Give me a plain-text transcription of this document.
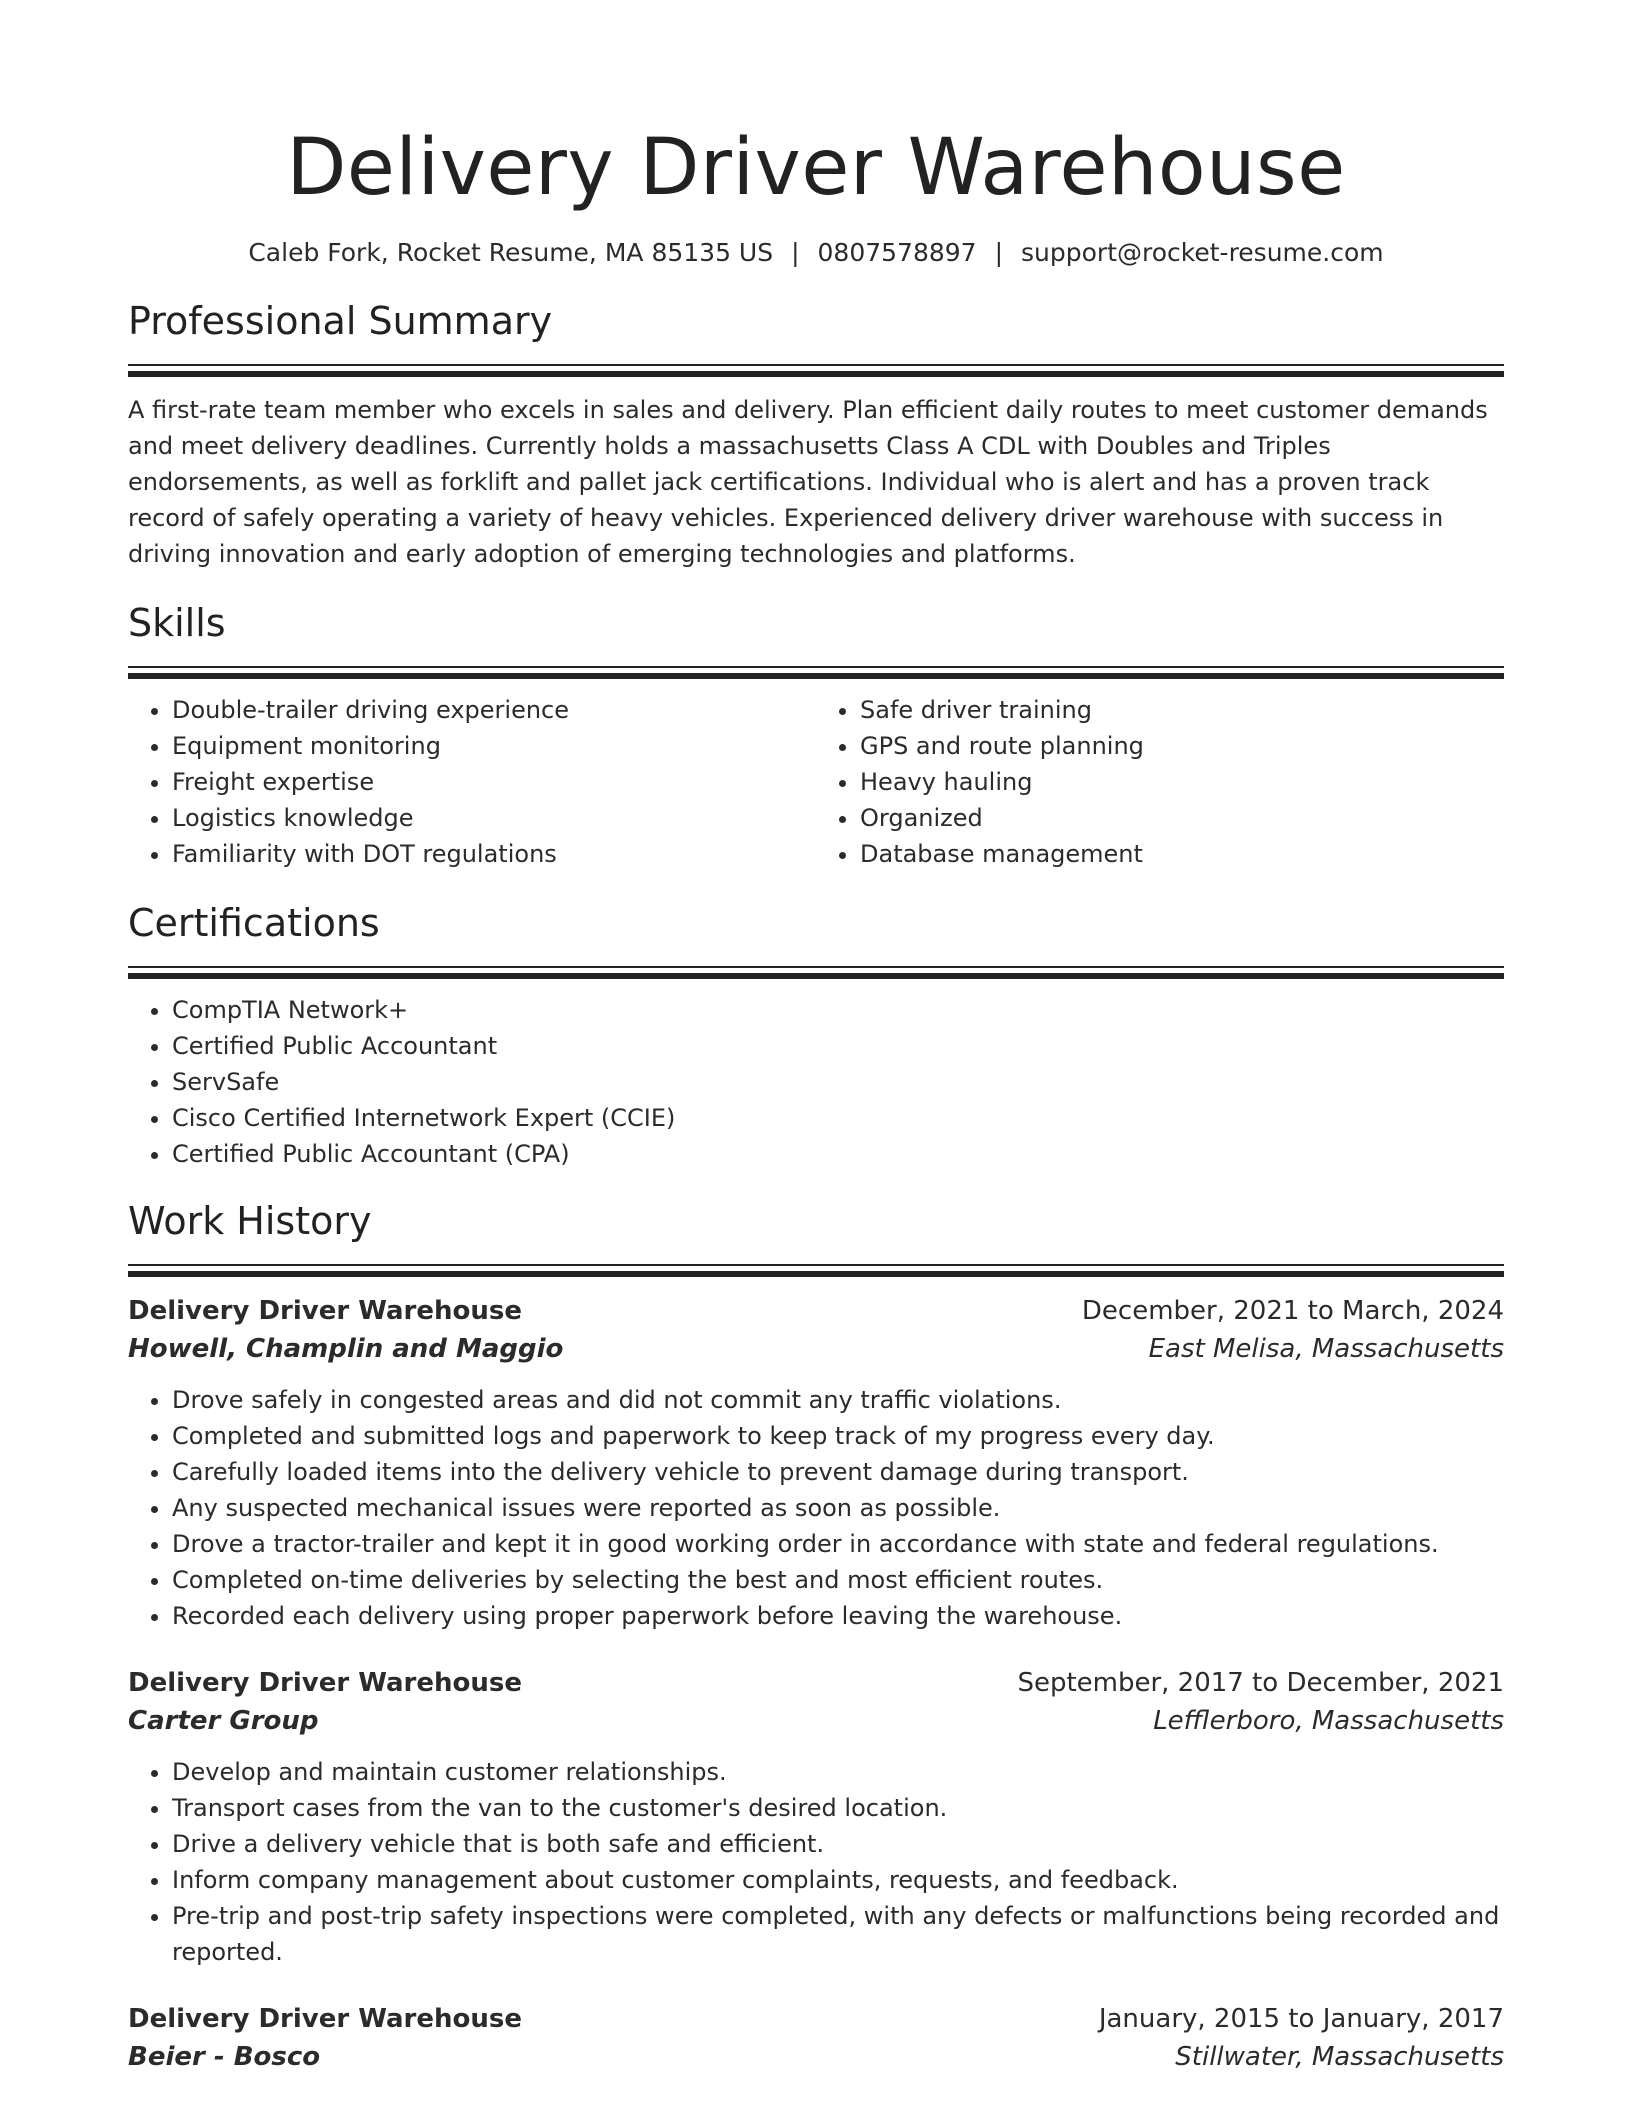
Delivery Driver Warehouse
Caleb Fork, Rocket Resume, MA 85135 US | 0807578897 | support@rocket-resume.com
Professional Summary

A first-rate team member who excels in sales and delivery. Plan efficient daily routes to meet customer demands and meet delivery deadlines. Currently holds a massachusetts Class A CDL with Doubles and Triples endorsements, as well as forklift and pallet jack certifications. Individual who is alert and has a proven track record of safely operating a variety of heavy vehicles. Experienced delivery driver warehouse with success in driving innovation and early adoption of emerging technologies and platforms.

Skills
• Double-trailer driving experience
• Equipment monitoring
• Freight expertise
• Logistics knowledge
• Familiarity with DOT regulations
• Safe driver training
• GPS and route planning
• Heavy hauling
• Organized
• Database management
Certifications
• CompTIA Network+
• Certified Public Accountant
• ServSafe
• Cisco Certified Internetwork Expert (CCIE)
• Certified Public Accountant (CPA)
Work History
Delivery Driver Warehouse	December, 2021 to March, 2024
Howell, Champlin and Maggio	East Melisa, Massachusetts
• Drove safely in congested areas and did not commit any traffic violations.
• Completed and submitted logs and paperwork to keep track of my progress every day.
• Carefully loaded items into the delivery vehicle to prevent damage during transport.
• Any suspected mechanical issues were reported as soon as possible.
• Drove a tractor-trailer and kept it in good working order in accordance with state and federal regulations.
• Completed on-time deliveries by selecting the best and most efficient routes.
• Recorded each delivery using proper paperwork before leaving the warehouse.
Delivery Driver Warehouse	September, 2017 to December, 2021
Carter Group	Lefflerboro, Massachusetts
• Develop and maintain customer relationships.
• Transport cases from the van to the customer's desired location.
• Drive a delivery vehicle that is both safe and efficient.
• Inform company management about customer complaints, requests, and feedback.
• Pre-trip and post-trip safety inspections were completed, with any defects or malfunctions being recorded and reported.
Delivery Driver Warehouse	January, 2015 to January, 2017
Beier - Bosco	Stillwater, Massachusetts
